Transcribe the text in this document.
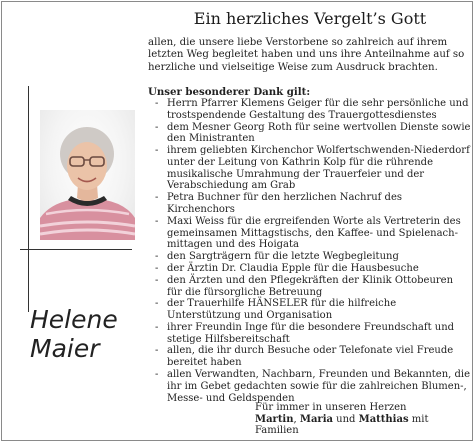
Ein herzliches Vergelt’s Gott
allen, die unsere liebe Verstorbene so zahlreich auf ihrem letzten Weg begleitet haben und uns ihre Anteilnahme auf so herzliche und vielseitige Weise zum Ausdruck brachten.
Unser besonderer Dank gilt:
- Herrn Pfarrer Klemens Geiger für die sehr persönliche und trostspendende Gestaltung des Trauergottesdienstes
- dem Mesner Georg Roth für seine wertvollen Dienste sowie den Ministranten
- ihrem geliebten Kirchenchor Wolfertschwenden-Niederdorf unter der Leitung von Kathrin Kolp für die rührende musikalische Umrahmung der Trauerfeier und der Verabschiedung am Grab
- Petra Buchner für den herzlichen Nachruf des Kirchenchors
- Maxi Weiss für die ergreifenden Worte als Vertreterin des gemeinsamen Mittagstischs, den Kaffee- und Spielenach-mittagen und des Hoigata
- den Sargträgern für die letzte Wegbegleitung
- der Ärztin Dr. Claudia Epple für die Hausbesuche
- den Ärzten und den Pflegekräften der Klinik Ottobeuren für die fürsorgliche Betreuung
- der Trauerhilfe HÄNSELER für die hilfreiche Unterstützung und Organisation
- ihrer Freundin Inge für die besondere Freundschaft und stetige Hilfsbereitschaft
- allen, die ihr durch Besuche oder Telefonate viel Freude bereitet haben
- allen Verwandten, Nachbarn, Freunden und Bekannten, die ihr im Gebet gedachten sowie für die zahlreichen Blumen-, Messe- und Geldspenden
Helene
Maier
Für immer in unseren Herzen
Martin, Maria und Matthias mit Familien
